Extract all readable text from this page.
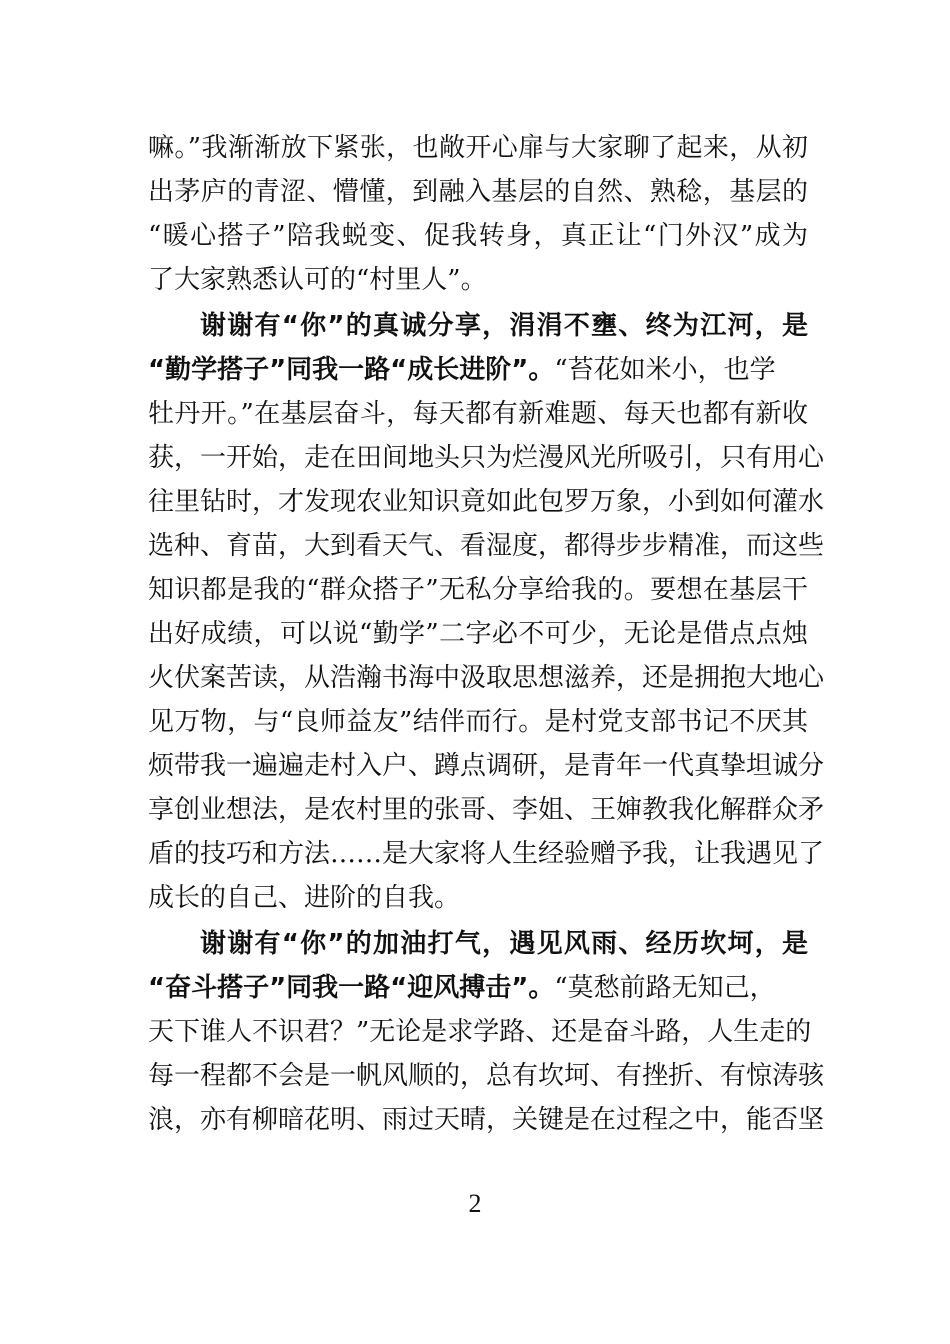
嘛。”我渐渐放下紧张，也敞开心扉与大家聊了起来，从初
出茅庐的青涩、懵懂，到融入基层的自然、熟稔，基层的
“暖心搭子”陪我蜕变、促我转身，真正让“门外汉”成为
了大家熟悉认可的“村里人”。
谢谢有“你”的真诚分享，涓涓不壅、终为江河，是
“勤学搭子”同我一路“成长进阶”。“苔花如米小，也学
牡丹开。”在基层奋斗，每天都有新难题、每天也都有新收
获，一开始，走在田间地头只为烂漫风光所吸引，只有用心
往里钻时，才发现农业知识竟如此包罗万象，小到如何灌水
选种、育苗，大到看天气、看湿度，都得步步精准，而这些
知识都是我的“群众搭子”无私分享给我的。要想在基层干
出好成绩，可以说“勤学”二字必不可少，无论是借点点烛
火伏案苦读，从浩瀚书海中汲取思想滋养，还是拥抱大地心
见万物，与“良师益友”结伴而行。是村党支部书记不厌其
烦带我一遍遍走村入户、蹲点调研，是青年一代真挚坦诚分
享创业想法，是农村里的张哥、李姐、王婶教我化解群众矛
盾的技巧和方法……是大家将人生经验赠予我，让我遇见了
成长的自己、进阶的自我。
谢谢有“你”的加油打气，遇见风雨、经历坎坷，是
“奋斗搭子”同我一路“迎风搏击”。“莫愁前路无知己，
天下谁人不识君？”无论是求学路、还是奋斗路，人生走的
每一程都不会是一帆风顺的，总有坎坷、有挫折、有惊涛骇
浪，亦有柳暗花明、雨过天晴，关键是在过程之中，能否坚
2
